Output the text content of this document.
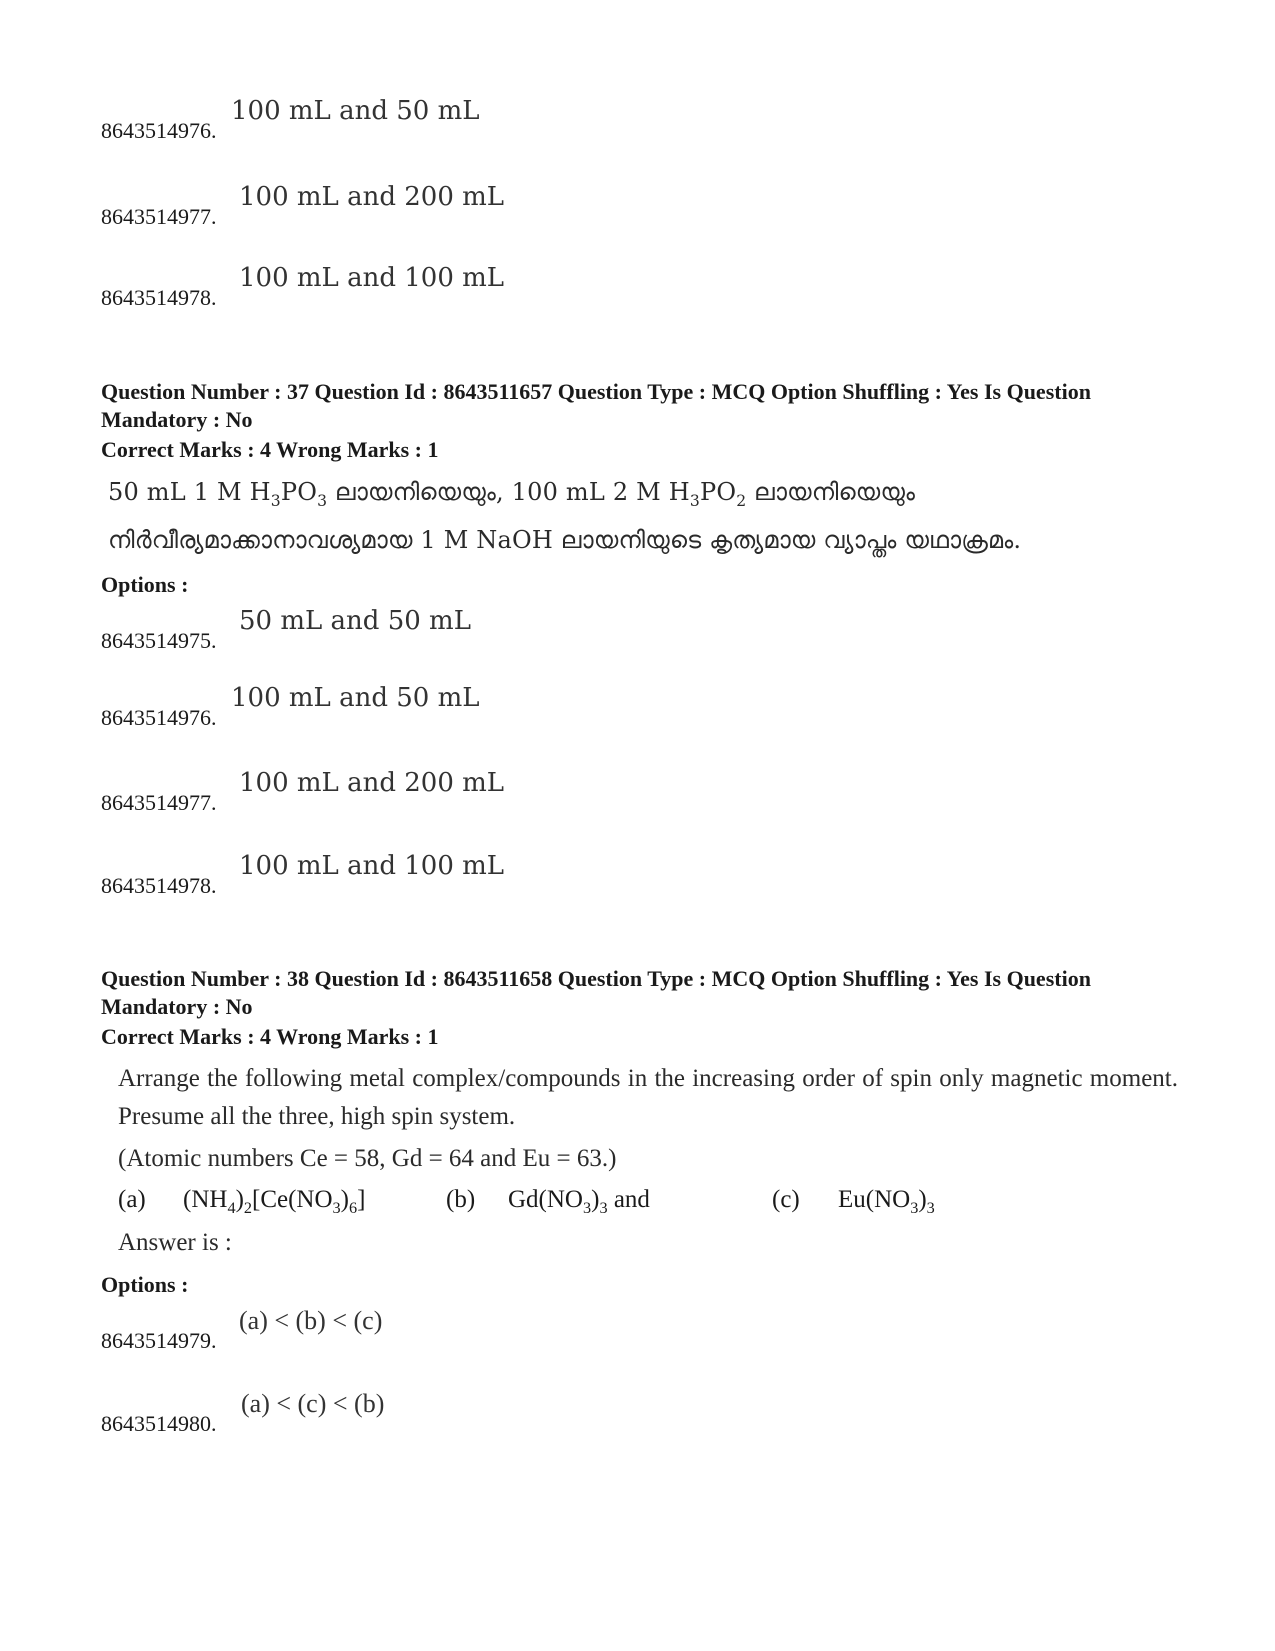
8643514976.
100 mL and 50 mL
8643514977.
100 mL and 200 mL
8643514978.
100 mL and 100 mL
Question Number : 37 Question Id : 8643511657 Question Type : MCQ Option Shuffling : Yes Is Question Mandatory : No
Correct Marks : 4 Wrong Marks : 1
50 mL 1 M $H_3PO_3$ ലായനിയെയും, 100 mL 2 M $H_3PO_2$ ലായനിയെയും
നിർവീര്യമാക്കാനാവശ്യമായ 1 M NaOH ലായനിയുടെ കൃത്യമായ വ്യാപ്തം യഥാക്രമം.
Options :
8643514975.
50 mL and 50 mL
8643514976.
100 mL and 50 mL
8643514977.
100 mL and 200 mL
8643514978.
100 mL and 100 mL
Question Number : 38 Question Id : 8643511658 Question Type : MCQ Option Shuffling : Yes Is Question Mandatory : No
Correct Marks : 4 Wrong Marks : 1
Arrange the following metal complex/compounds in the increasing order of spin only magnetic moment. Presume all the three, high spin system.
(Atomic numbers Ce = 58, Gd = 64 and Eu = 63.)
(a) $(NH_4)_2[Ce(NO_3)_6]$	(b) $Gd(NO_3)_3$ and	(c) $Eu(NO_3)_3$
Answer is :
Options :
8643514979.
(a) < (b) < (c)
8643514980.
(a) < (c) < (b)
